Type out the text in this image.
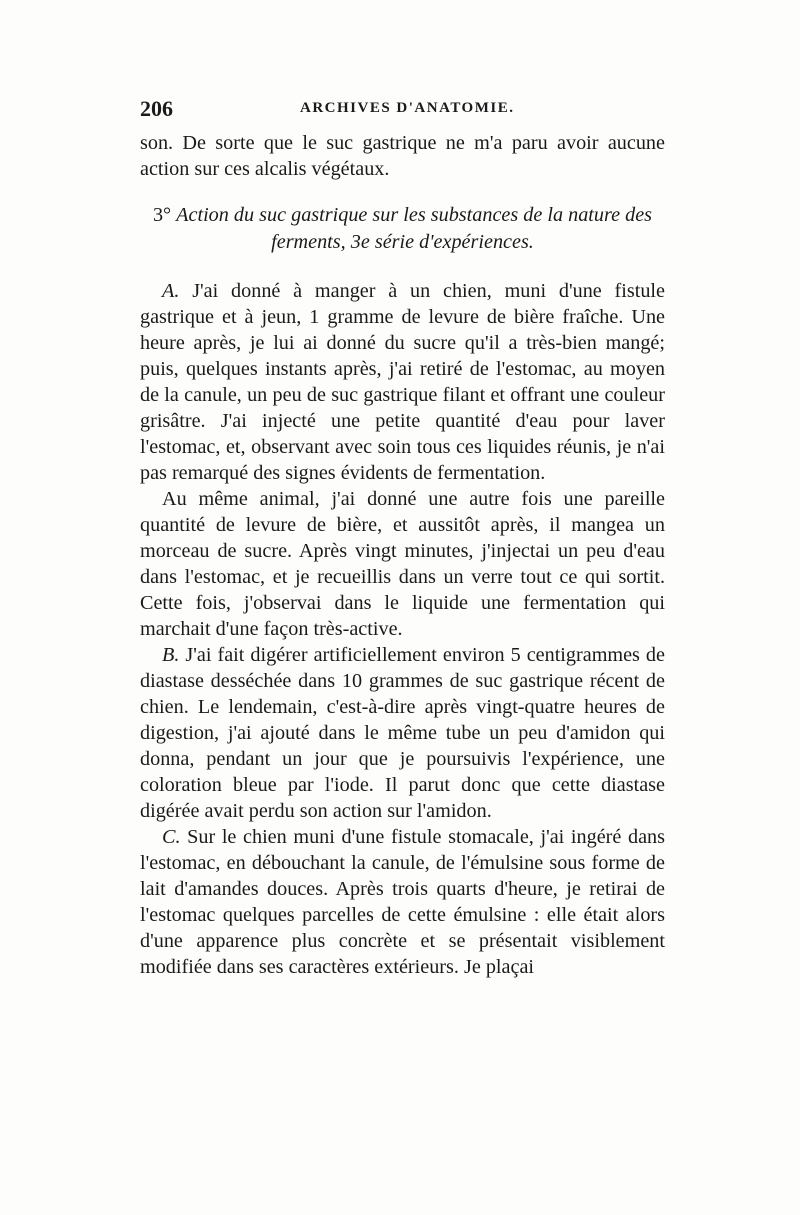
206	ARCHIVES D'ANATOMIE.

son. De sorte que le suc gastrique ne m'a paru avoir aucune action sur ces alcalis végétaux.

3° Action du suc gastrique sur les substances de la nature des ferments, 3e série d'expériences.

A. J'ai donné à manger à un chien, muni d'une fistule gastrique et à jeun, 1 gramme de levure de bière fraîche. Une heure après, je lui ai donné du sucre qu'il a très-bien mangé; puis, quelques instants après, j'ai retiré de l'estomac, au moyen de la canule, un peu de suc gastrique filant et offrant une couleur grisâtre. J'ai injecté une petite quantité d'eau pour laver l'estomac, et, observant avec soin tous ces liquides réunis, je n'ai pas remarqué des signes évidents de fermentation.

Au même animal, j'ai donné une autre fois une pareille quantité de levure de bière, et aussitôt après, il mangea un morceau de sucre. Après vingt minutes, j'injectai un peu d'eau dans l'estomac, et je recueillis dans un verre tout ce qui sortit. Cette fois, j'observai dans le liquide une fermentation qui marchait d'une façon très-active.

B. J'ai fait digérer artificiellement environ 5 centigrammes de diastase desséchée dans 10 grammes de suc gastrique récent de chien. Le lendemain, c'est-à-dire après vingt-quatre heures de digestion, j'ai ajouté dans le même tube un peu d'amidon qui donna, pendant un jour que je poursuivis l'expérience, une coloration bleue par l'iode. Il parut donc que cette diastase digérée avait perdu son action sur l'amidon.

C. Sur le chien muni d'une fistule stomacale, j'ai ingéré dans l'estomac, en débouchant la canule, de l'émulsine sous forme de lait d'amandes douces. Après trois quarts d'heure, je retirai de l'estomac quelques parcelles de cette émulsine : elle était alors d'une apparence plus concrète et se présentait visiblement modifiée dans ses caractères extérieurs. Je plaçai
